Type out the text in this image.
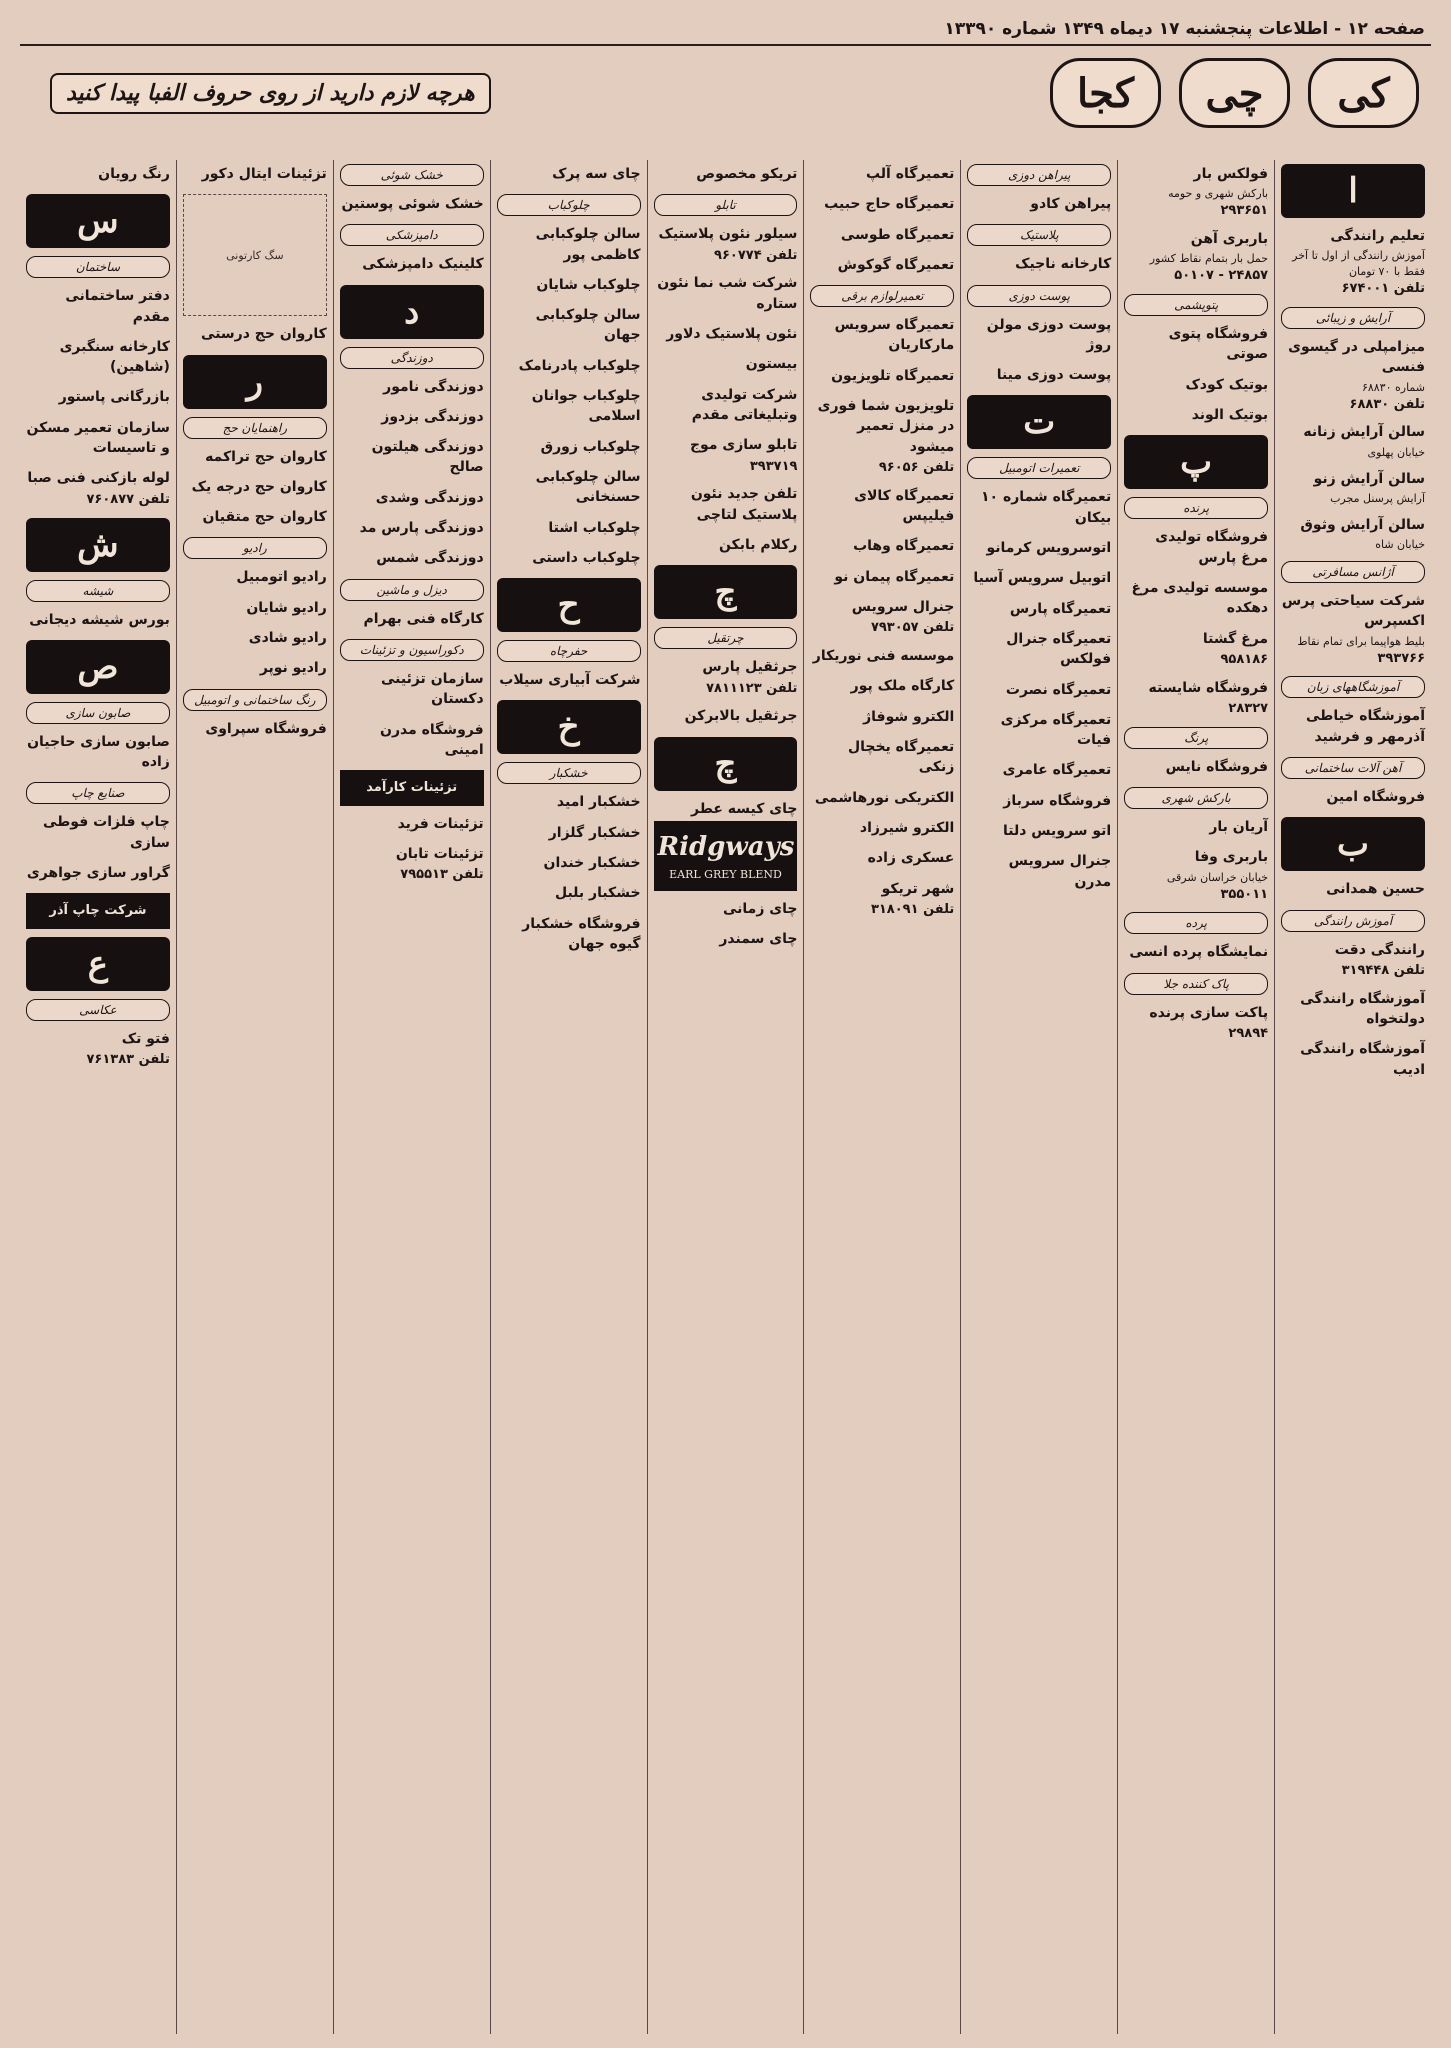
صفحه ۱۲ - اطلاعات پنجشنبه ۱۷ دیماه ۱۳۴۹ شماره ۱۳۳۹۰
کی
چی
کجا
هرچه لازم دارید از روی حروف الفبا پیدا کنید
ا
تعلیم رانندگی
آموزش رانندگی از اول تا آخر فقط با ۷۰ تومان
تلفن ۶۷۴۰۰۱
آرایش و زیبائی
میزامپلی در گیسوی فنسی
شماره ۶۸۸۳۰
تلفن ۶۸۸۳۰
سالن آرایش زنانه
خیابان پهلوی
سالن آرایش زنو
آرایش پرسنل مجرب
سالن آرایش وثوق
خیابان شاه
آژانس مسافرتی
شرکت سیاحتی پرس اکسپرس
بلیط هواپیما برای تمام نقاط
۳۹۳۷۶۶
آموزشگاههای زبان
آموزشگاه خیاطی آذرمهر و فرشید
آهن آلات ساختمانی
فروشگاه امین
ب
حسین همدانی
آموزش رانندگی
رانندگی دقت
تلفن ۳۱۹۴۴۸
آموزشگاه رانندگی دولتخواه
آموزشگاه رانندگی ادیب
فولکس بار
بارکش شهری و حومه
۲۹۳۶۵۱
باربری آهن
حمل بار بتمام نقاط کشور
۲۴۸۵۷ - ۵۰۱۰۷
پتوپشمی
فروشگاه پتوی صوتی
بوتیک کودک
بوتیک الوند
پ
پرنده
فروشگاه تولیدی مرغ پارس
موسسه تولیدی مرغ دهکده
مرغ گشتا
۹۵۸۱۸۶
فروشگاه شایسته
۲۸۳۲۷
پرنگ
فروشگاه نایس
بارکش شهری
آریان بار
باربری وفا
خیابان خراسان شرقی
۳۵۵۰۱۱
پرده
نمایشگاه پرده انسی
پاک کننده جلا
پاکت سازی پرنده
۲۹۸۹۴
پیراهن دوزی
پیراهن کادو
پلاستیک
کارخانه ناجیک
پوست دوزی
پوست دوزی مولن روژ
پوست دوزی مینا
ت
تعمیرات اتومبیل
تعمیرگاه شماره ۱۰ بیکان
اتوسرویس کرمانو
اتوبیل سرویس آسیا
تعمیرگاه پارس
تعمیرگاه جنرال فولکس
تعمیرگاه نصرت
تعمیرگاه مرکزی فیات
تعمیرگاه عامری
فروشگاه سرباز
اتو سرویس دلتا
جنرال سرویس مدرن
تعمیرگاه آلپ
تعمیرگاه حاج حبیب
تعمیرگاه طوسی
تعمیرگاه گوکوش
تعمیرلوازم برقی
تعمیرگاه سرویس ماركاریان
تعمیرگاه تلویزیون
تلویزیون شما فوری در منزل تعمیر میشود
تلفن ۹۶۰۵۶
تعمیرگاه کالای فیلیپس
تعمیرگاه وهاب
تعمیرگاه پیمان نو
جنرال سرویس
تلفن ۷۹۳۰۵۷
موسسه فنی نوریکار
کارگاه ملک پور
الکترو شوفاژ
تعمیرگاه یخچال زنکی
الکتریکی نورهاشمی
الکترو شیرزاد
عسکری زاده
شهر تریکو
تلفن ۳۱۸۰۹۱
تریکو مخصوص
تابلو
سیلور نئون پلاستیک
تلفن ۹۶۰۷۷۴
شرکت شب نما نئون ستاره
نئون پلاستیک دلاور
بیستون
شرکت تولیدی وتبلیغاتی مقدم
تابلو سازی موج
۳۹۳۷۱۹
تلفن جدید نئون پلاستیک لتاچی
رکلام بابکن
چ
چرتقیل
جرثقیل پارس
تلفن ۷۸۱۱۱۲۳
جرثقیل بالابرکن
چ
چای کیسه عطر
Ridgways
EARL GREY BLEND
چای زمانی
چای سمندر
چای سه پرک
چلوکباب
سالن چلوکبابی کاظمی پور
چلوکباب شایان
سالن چلوکبابی جهان
چلوکباب پادرنامک
چلوکباب جوانان اسلامی
چلوکباب زورق
سالن چلوکبابی حسنخانی
چلوکباب اشتا
چلوکباب داستی
ح
حفرچاه
شرکت آبیاری سیلاب
خ
خشکبار
خشکبار امید
خشکبار گلزار
خشکبار خندان
خشکبار بلبل
فروشگاه خشکبار گیوه جهان
خشک شوئی
خشک شوئی پوستین
دامپزشکی
کلینیک دامپزشکی
د
دوزندگی
دوزندگی نامور
دوزندگی بزدوز
دوزندگی هیلتون صالح
دوزندگی وشدی
دوزندگی پارس مد
دوزندگی شمس
دیزل و ماشین
کارگاه فنی بهرام
دکوراسیون و تزئینات
سازمان تزئینی دکستان
فروشگاه مدرن امینی
تزئینات کارآمد
تزئینات فرید
تزئینات تابان
تلفن ۷۹۵۵۱۳
تزئینات ایتال دکور
سگ کارتونی
کاروان حج درستی
ر
راهنمایان حج
کاروان حج تراکمه
کاروان حج درجه یک
کاروان حج متقیان
رادیو
رادیو اتومبیل
رادیو شایان
رادیو شادی
رادیو نوپر
رنگ ساختمانی و اتومبیل
فروشگاه سپراوی
رنگ رویان
س
ساختمان
دفتر ساختمانی مقدم
کارخانه سنگبری (شاهین)
بازرگانی پاستور
سازمان تعمیر مسکن و تاسیسات
لوله بازکنی فنی صبا
تلفن ۷۶۰۸۷۷
ش
شیشه
بورس شیشه دیجانی
ص
صابون سازی
صابون سازی حاجیان زاده
صنایع چاپ
چاپ فلزات فوطی سازی
گراور سازی جواهری
شرکت چاپ آذر
ع
عکاسی
فتو تک
تلفن ۷۶۱۳۸۳
